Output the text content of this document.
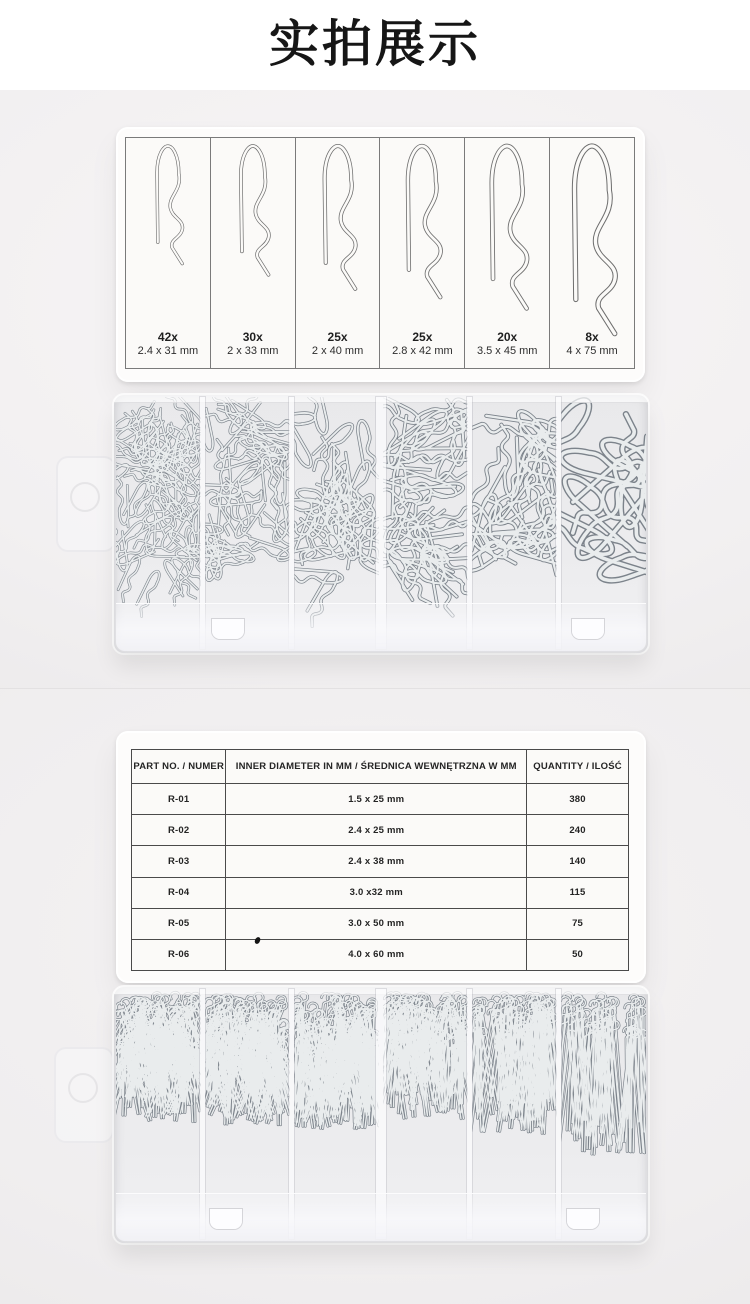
实拍展示
42x
2.4 x 31 mm
30x
2 x 33 mm
25x
2 x 40 mm
25x
2.8 x 42 mm
20x
3.5 x 45 mm
8x
4 x 75 mm
PART NO. / NUMER	INNER DIAMETER IN MM / ŚREDNICA WEWNĘTRZNA W MM	QUANTITY / ILOŚĆ
R-01	1.5 x 25 mm	380
R-02	2.4 x 25 mm	240
R-03	2.4 x 38 mm	140
R-04	3.0 x32 mm	115
R-05	3.0 x 50 mm	75
R-06	4.0 x 60 mm	50
